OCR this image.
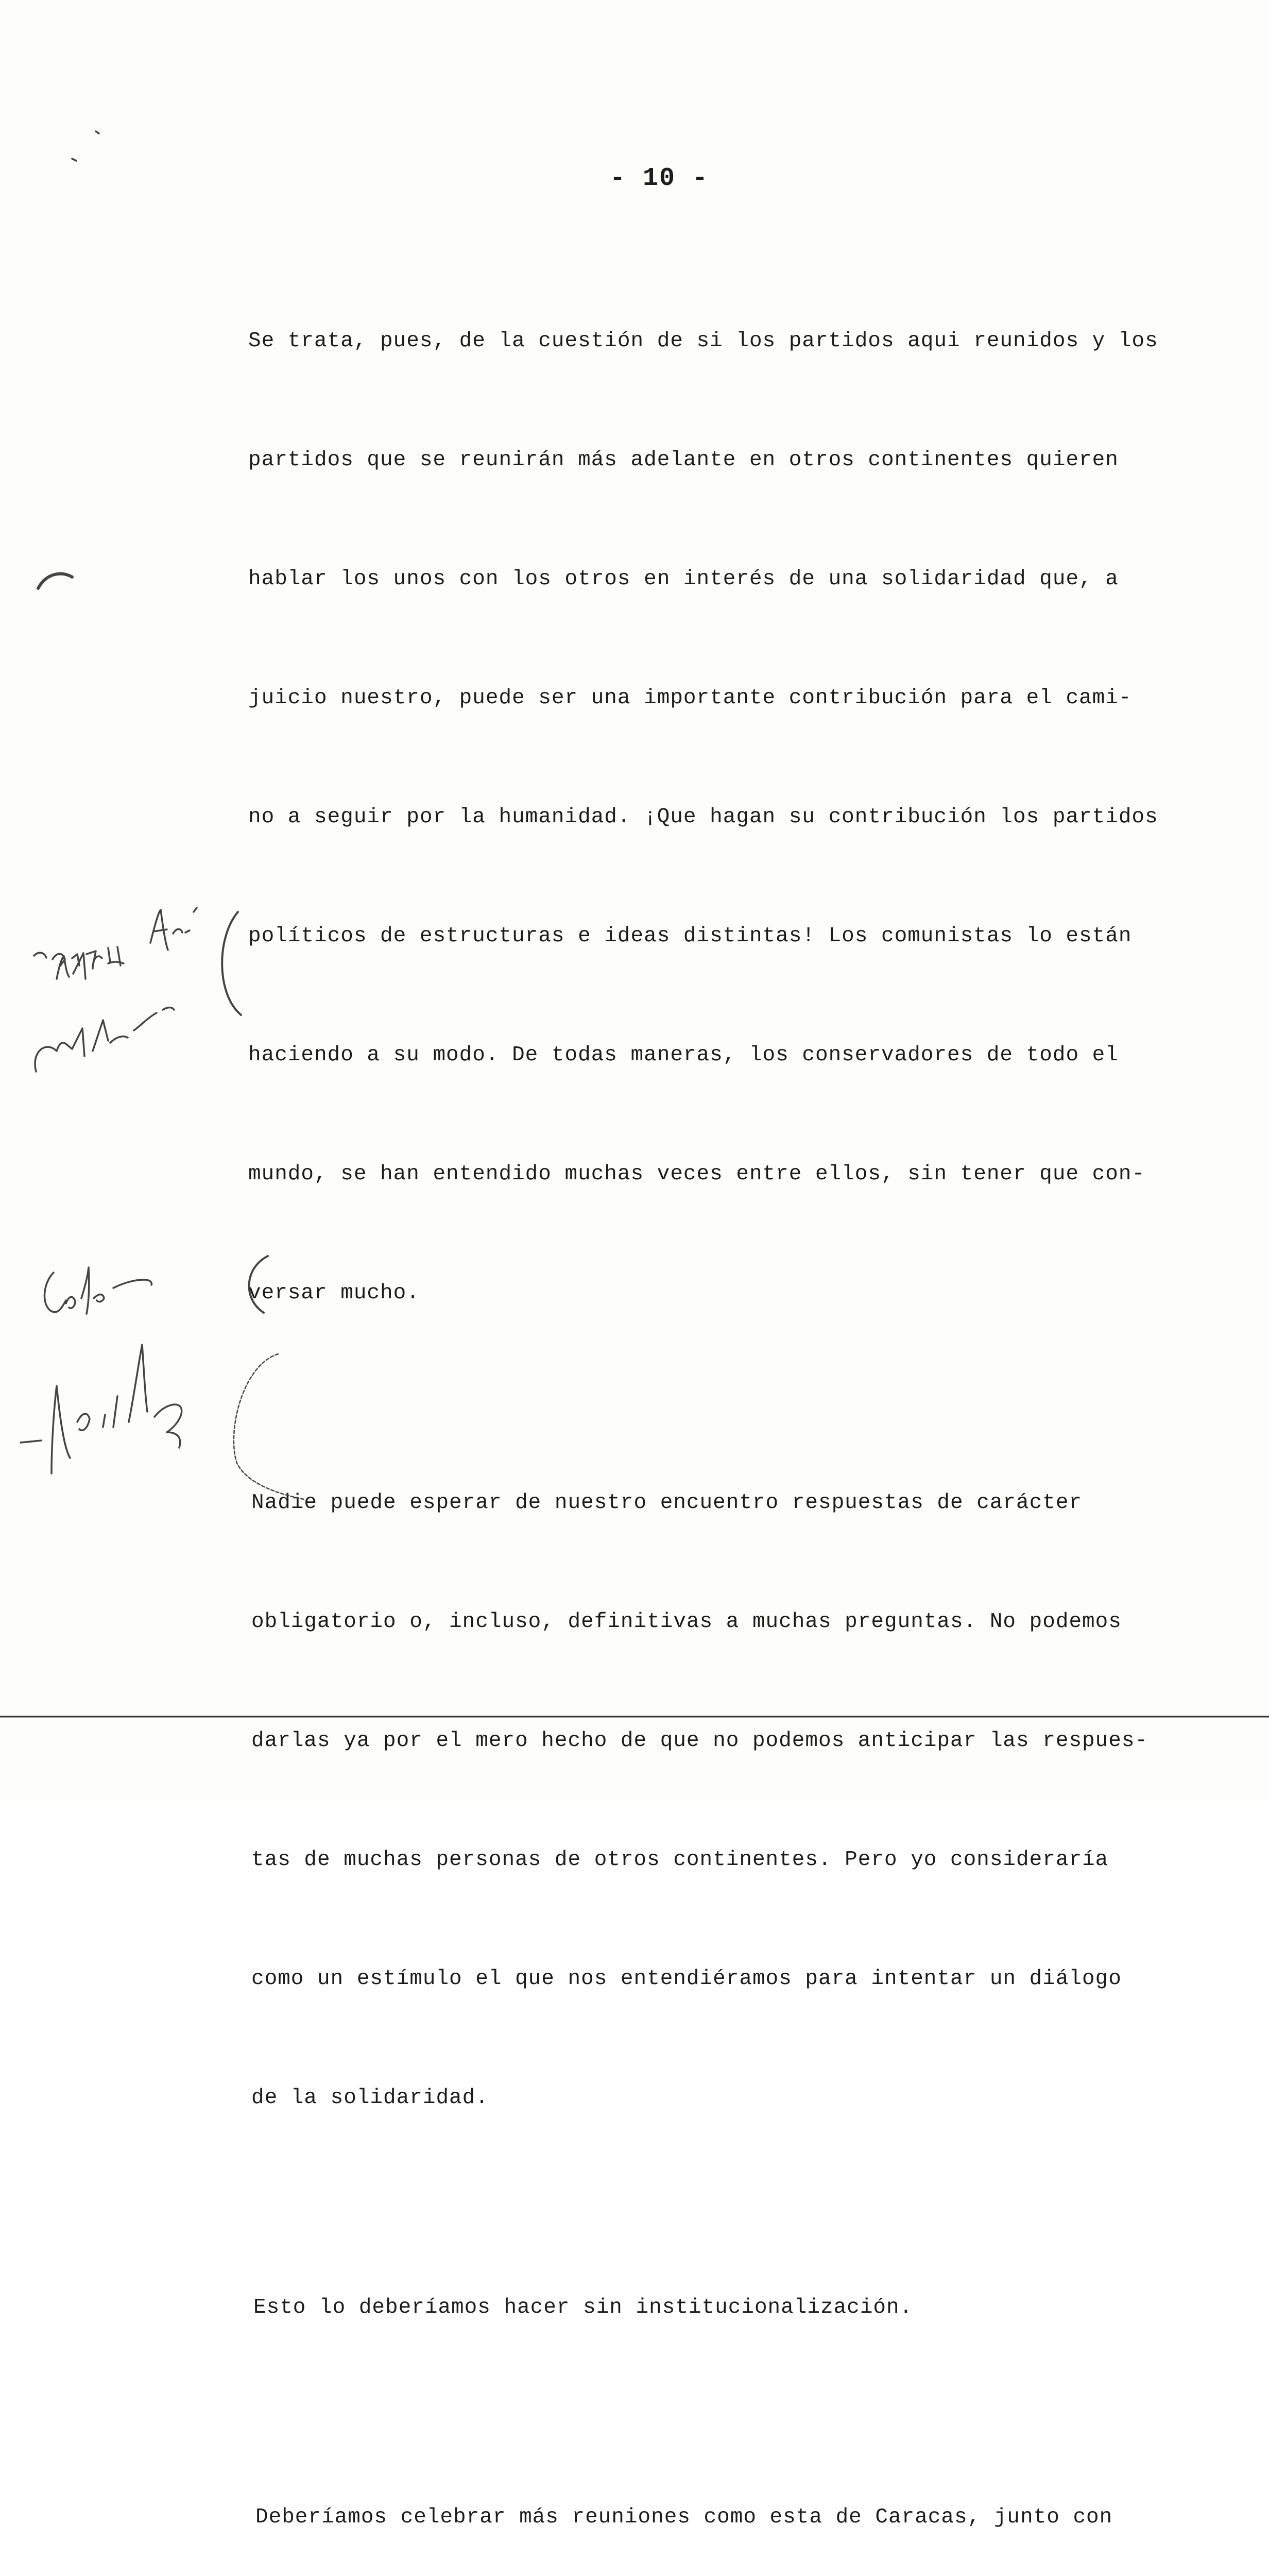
- 10 -

Se trata, pues, de la cuestión de si los partidos aqui reunidos y los

partidos que se reunirán más adelante en otros continentes quieren

hablar los unos con los otros en interés de una solidaridad que, a

juicio nuestro, puede ser una importante contribución para el cami-

no a seguir por la humanidad. ¡Que hagan su contribución los partidos

políticos de estructuras e ideas distintas! Los comunistas lo están

haciendo a su modo. De todas maneras, los conservadores de todo el

mundo, se han entendido muchas veces entre ellos, sin tener que con-

versar mucho.

Nadie puede esperar de nuestro encuentro respuestas de carácter

obligatorio o, incluso, definitivas a muchas preguntas. No podemos

darlas ya por el mero hecho de que no podemos anticipar las respues-

tas de muchas personas de otros continentes. Pero yo consideraría

como un estímulo el que nos entendiéramos para intentar un diálogo

de la solidaridad.

Esto lo deberíamos hacer sin institucionalización.

Deberíamos celebrar más reuniones como esta de Caracas, junto con
